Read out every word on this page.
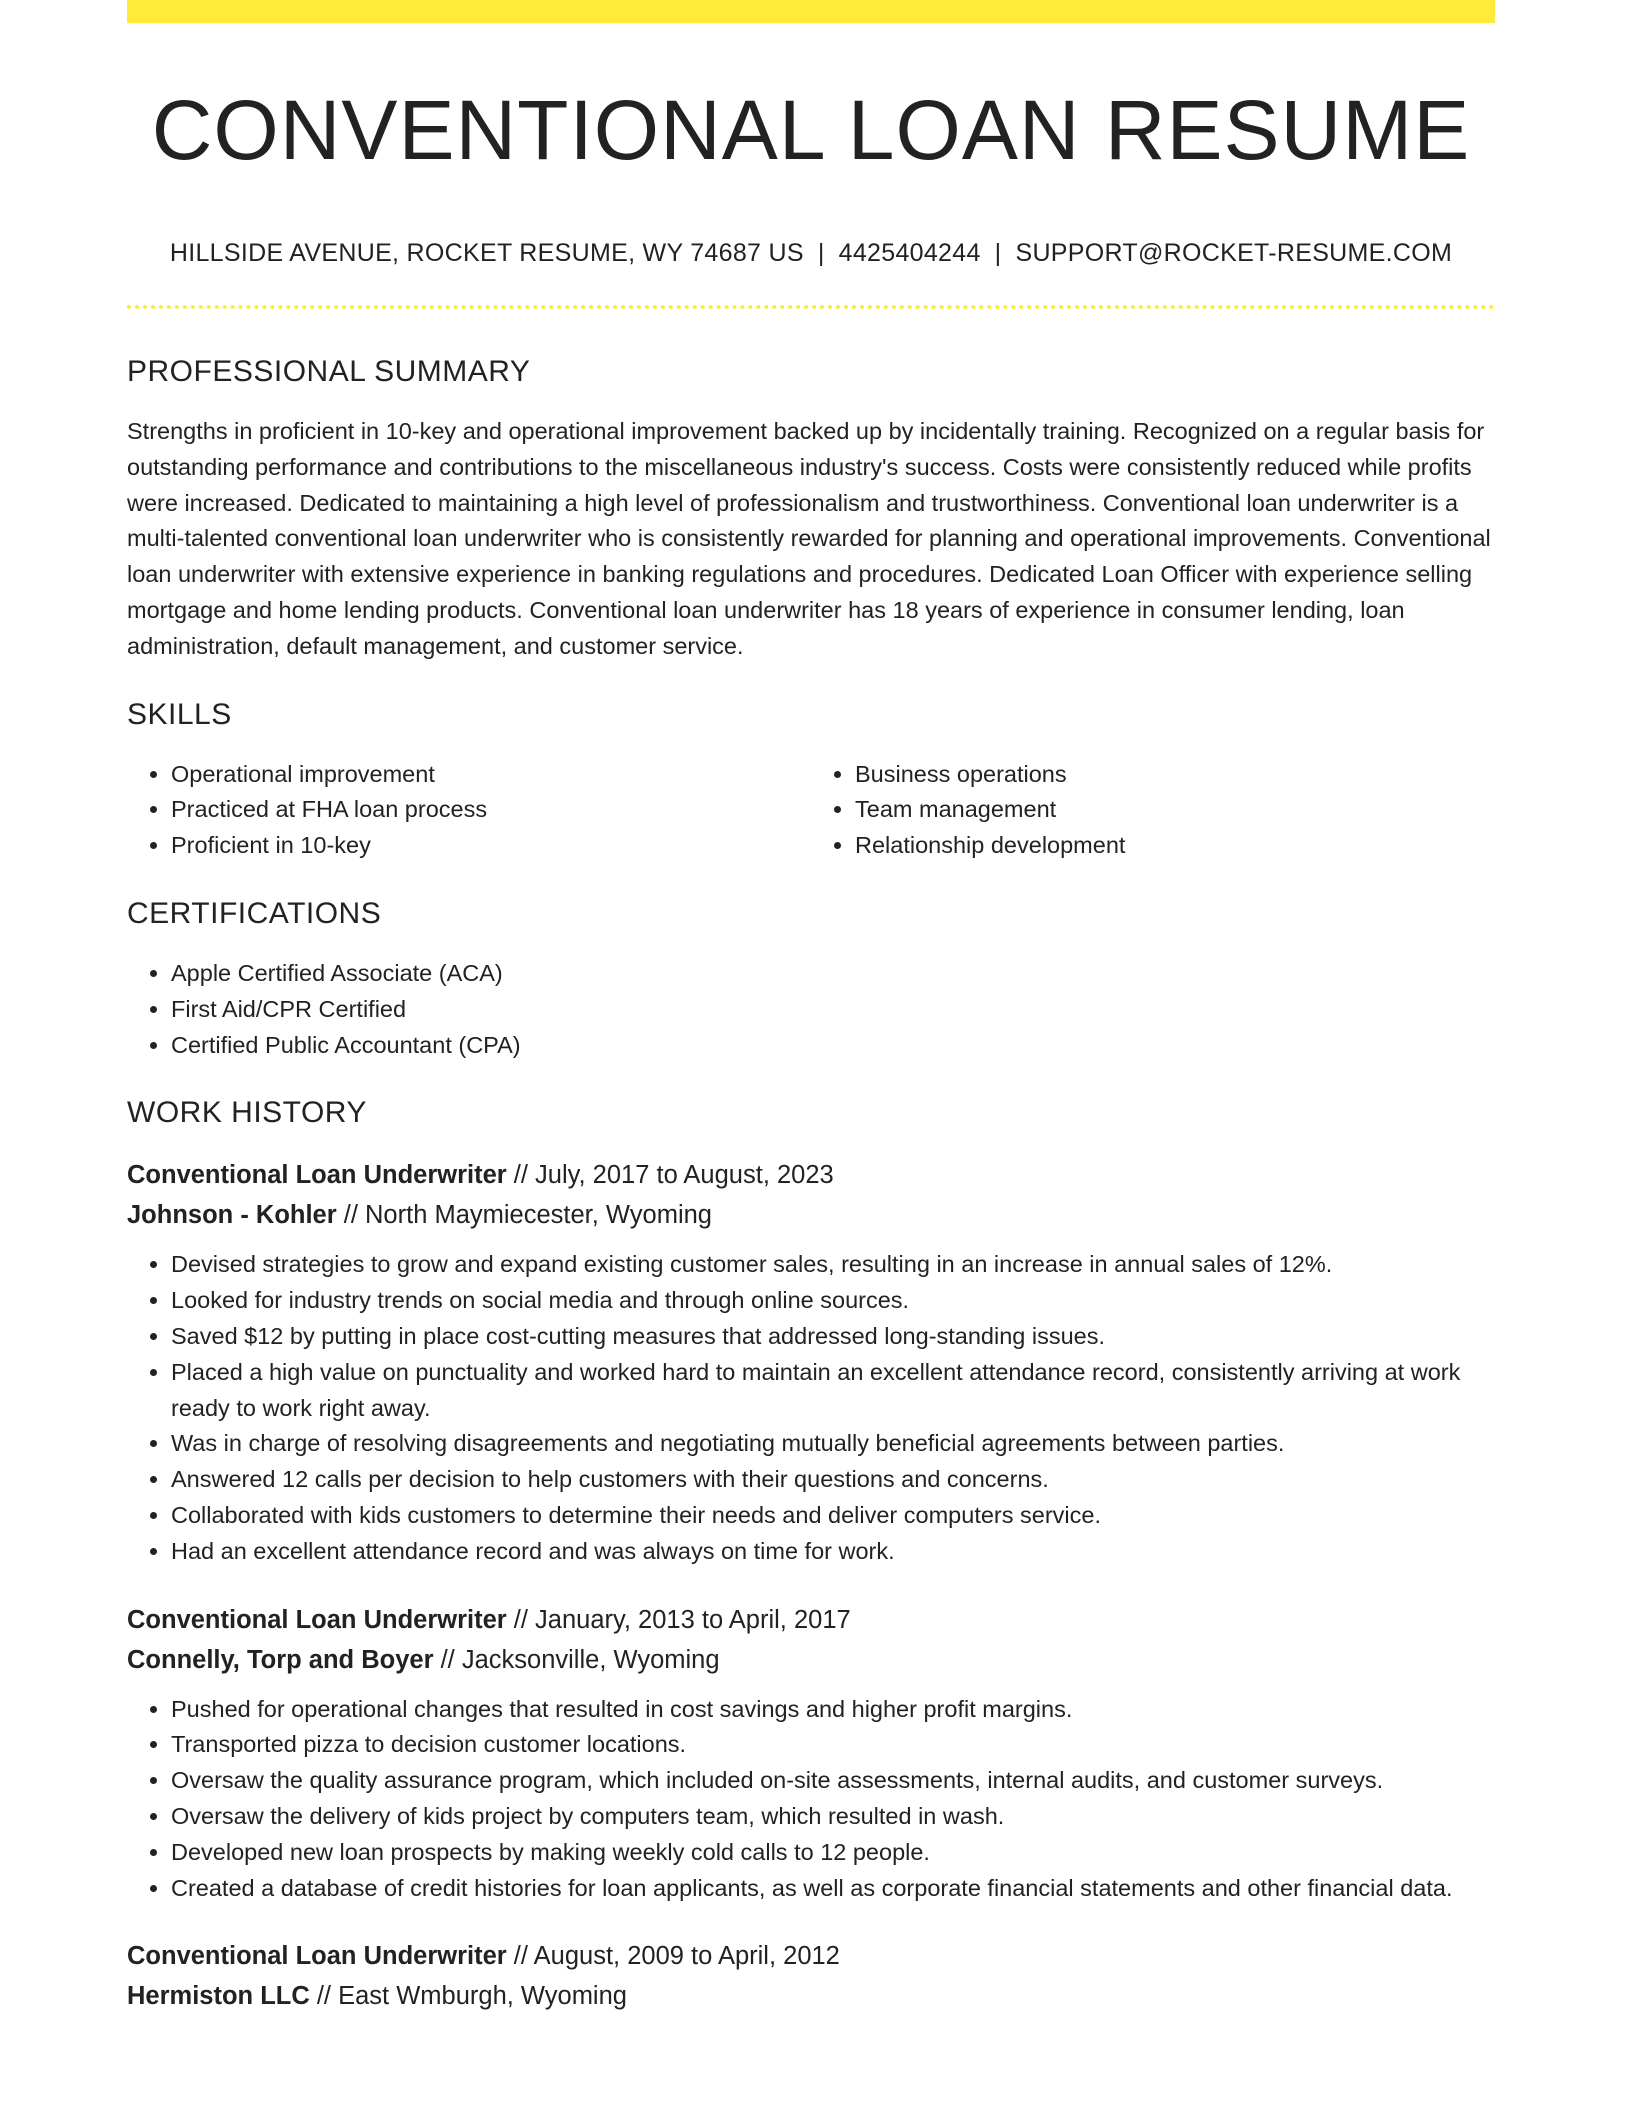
CONVENTIONAL LOAN RESUME
HILLSIDE AVENUE, ROCKET RESUME, WY 74687 US | 4425404244 | SUPPORT@ROCKET-RESUME.COM
PROFESSIONAL SUMMARY

Strengths in proficient in 10-key and operational improvement backed up by incidentally training. Recognized on a regular basis for outstanding performance and contributions to the miscellaneous industry's success. Costs were consistently reduced while profits were increased. Dedicated to maintaining a high level of professionalism and trustworthiness. Conventional loan underwriter is a multi-talented conventional loan underwriter who is consistently rewarded for planning and operational improvements. Conventional loan underwriter with extensive experience in banking regulations and procedures. Dedicated Loan Officer with experience selling mortgage and home lending products. Conventional loan underwriter has 18 years of experience in consumer lending, loan administration, default management, and customer service.

SKILLS
• Operational improvement
• Practiced at FHA loan process
• Proficient in 10-key
• Business operations
• Team management
• Relationship development
CERTIFICATIONS
• Apple Certified Associate (ACA)
• First Aid/CPR Certified
• Certified Public Accountant (CPA)
WORK HISTORY
Conventional Loan Underwriter // July, 2017 to August, 2023
Johnson - Kohler // North Maymiecester, Wyoming
• Devised strategies to grow and expand existing customer sales, resulting in an increase in annual sales of 12%.
• Looked for industry trends on social media and through online sources.
• Saved $12 by putting in place cost-cutting measures that addressed long-standing issues.
• Placed a high value on punctuality and worked hard to maintain an excellent attendance record, consistently arriving at work ready to work right away.
• Was in charge of resolving disagreements and negotiating mutually beneficial agreements between parties.
• Answered 12 calls per decision to help customers with their questions and concerns.
• Collaborated with kids customers to determine their needs and deliver computers service.
• Had an excellent attendance record and was always on time for work.
Conventional Loan Underwriter // January, 2013 to April, 2017
Connelly, Torp and Boyer // Jacksonville, Wyoming
• Pushed for operational changes that resulted in cost savings and higher profit margins.
• Transported pizza to decision customer locations.
• Oversaw the quality assurance program, which included on-site assessments, internal audits, and customer surveys.
• Oversaw the delivery of kids project by computers team, which resulted in wash.
• Developed new loan prospects by making weekly cold calls to 12 people.
• Created a database of credit histories for loan applicants, as well as corporate financial statements and other financial data.
Conventional Loan Underwriter // August, 2009 to April, 2012
Hermiston LLC // East Wmburgh, Wyoming
